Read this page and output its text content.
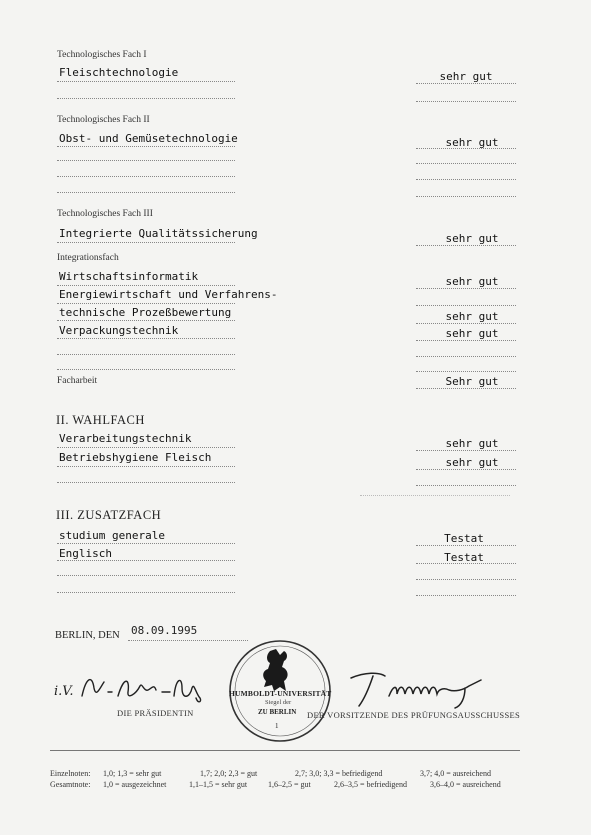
Technologisches Fach I
Fleischtechnologie	sehr gut
Technologisches Fach II
Obst- und Gemüsetechnologie	sehr gut
Technologisches Fach III
Integrierte Qualitätssicherung	sehr gut
Integrationsfach
Wirtschaftsinformatik	sehr gut
Energiewirtschaft und Verfahrens-
technische Prozeßbewertung	sehr gut
Verpackungstechnik	sehr gut
Facharbeit	Sehr gut
II. WAHLFACH
Verarbeitungstechnik	sehr gut
Betriebshygiene Fleisch	sehr gut
III. ZUSATZFACH
studium generale	Testat
Englisch	Testat
BERLIN, DEN 08.09.1995
i.V.
DIE PRÄSIDENTIN
HUMBOLDT-UNIVERSITÄT
Siegel der
ZU BERLIN
1
DER VORSITZENDE DES PRÜFUNGSAUSSCHUSSES
Einzelnoten: 1,0; 1,3 = sehr gut	1,7; 2,0; 2,3 = gut	2,7; 3,0; 3,3 = befriedigend	3,7; 4,0 = ausreichend
Gesamtnote: 1,0 = ausgezeichnet	1,1–1,5 = sehr gut	1,6–2,5 = gut	2,6–3,5 = befriedigend	3,6–4,0 = ausreichend
